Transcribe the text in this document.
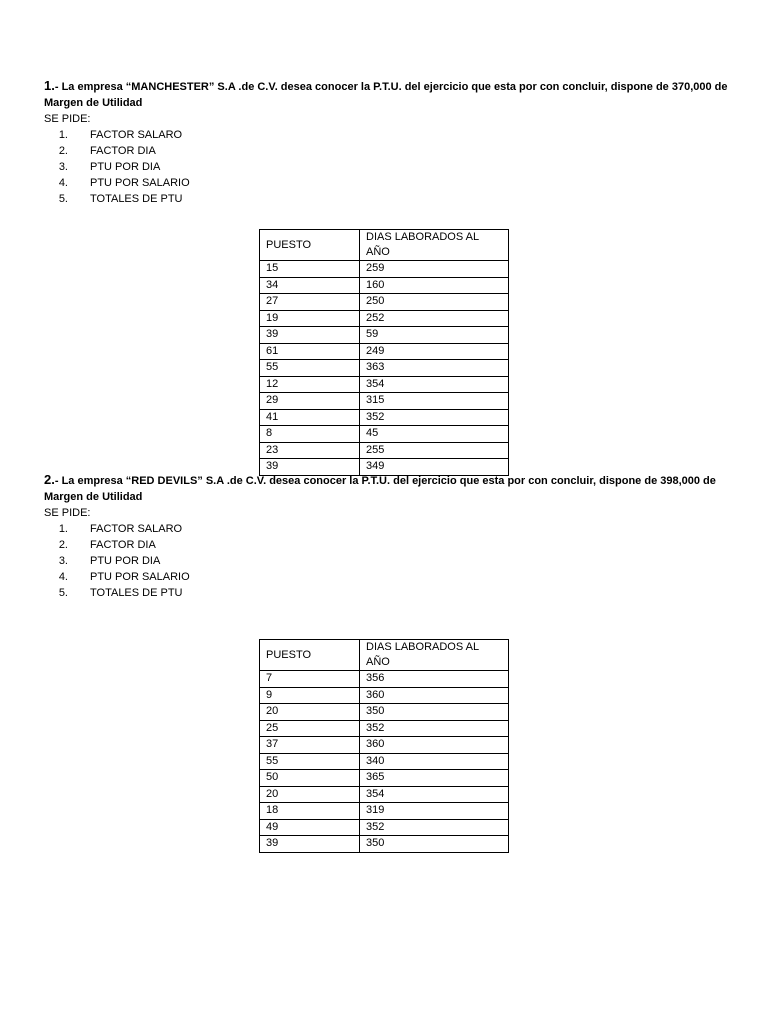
1.- La empresa “MANCHESTER” S.A .de C.V. desea conocer la P.T.U. del ejercicio que esta por con concluir, dispone de 370,000 de Margen de Utilidad

SE PIDE:

1.	FACTOR SALARO
2.	FACTOR DIA
3.	PTU POR DIA
4.	PTU POR SALARIO
5.	TOTALES DE PTU
PUESTO	DIAS LABORADOS AL AÑO
15	259
34	160
27	250
19	252
39	59
61	249
55	363
12	354
29	315
41	352
8	45
23	255
39	349

2.- La empresa “RED DEVILS” S.A .de C.V. desea conocer la P.T.U. del ejercicio que esta por con concluir, dispone de 398,000 de Margen de Utilidad

SE PIDE:

1.	FACTOR SALARO
2.	FACTOR DIA
3.	PTU POR DIA
4.	PTU POR SALARIO
5.	TOTALES DE PTU
PUESTO	DIAS LABORADOS AL AÑO
7	356
9	360
20	350
25	352
37	360
55	340
50	365
20	354
18	319
49	352
39	350
